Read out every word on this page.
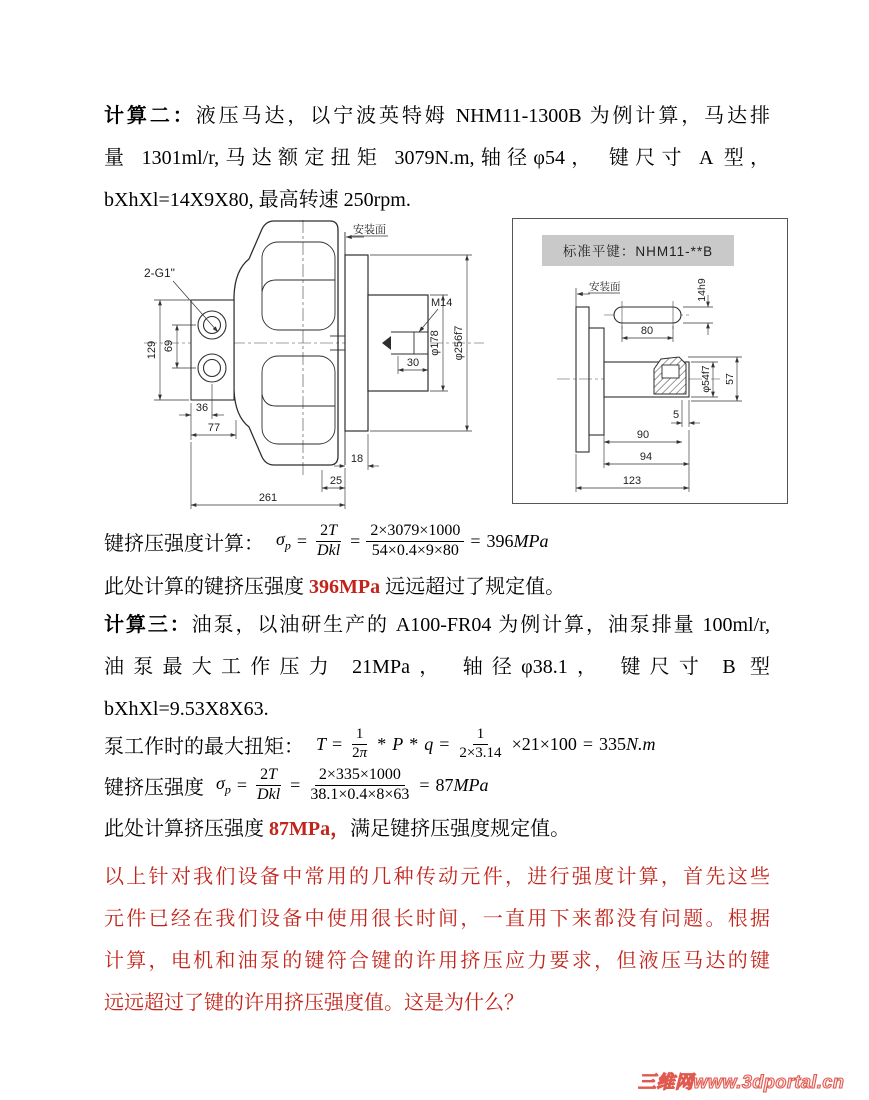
计算二：液压马达，以宁波英特姆 NHM11-1300B 为例计算，马达排
量 1301ml/r,马达额定扭矩 3079N.m,轴径φ54， 键尺寸 A 型，
bXhXl=14X9X80, 最高转速 250rpm.
2-G1"
安装面
M14
129 69
36
77
261
18
25
30
φ178 φ256f7
标准平键：NHM11-**B
安装面
80
14h9
5
90
94
123
φ54f7 57
键挤压强度计算： $\sigma_p = \frac{2T}{\text{Dkl}} = \frac{2\times 3079\times 1000}{54\times 0.4\times 9\times 80} = 396MPa$

此处计算的键挤压强度 396MPa 远远超过了规定值。

计算三：油泵，以油研生产的 A100-FR04 为例计算，油泵排量 100ml/r,
油泵最大工作压力 21MPa， 轴径φ38.1， 键尺寸 B 型
bXhXl=9.53X8X63.
泵工作时的最大扭矩： $T = \frac{1}{2\pi} * P * q = \frac{1}{2\times 3.14} \times 21\times 100 = 335N.m$
键挤压强度 $\sigma_p = \frac{2T}{\text{Dkl}} = \frac{2\times 335\times 1000}{38.1\times 0.4\times 8\times 63} = 87MPa$

此处计算挤压强度 87MPa，满足键挤压强度规定值。

以上针对我们设备中常用的几种传动元件，进行强度计算，首先这些
元件已经在我们设备中使用很长时间，一直用下来都没有问题。根据
计算，电机和油泵的键符合键的许用挤压应力要求，但液压马达的键
远远超过了键的许用挤压强度值。这是为什么？
三维网www.3dportal.cn
